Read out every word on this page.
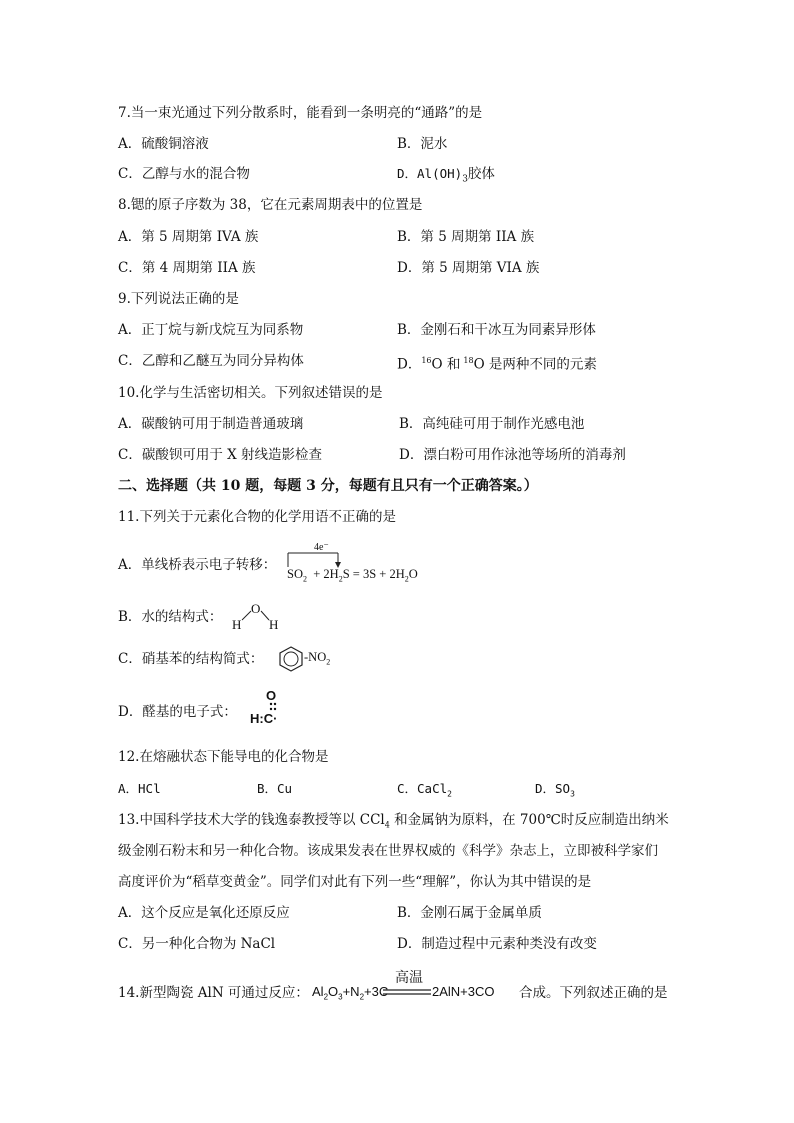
7.当一束光通过下列分散系时，能看到一条明亮的“通路”的是
A．硫酸铜溶液	B．泥水
C．乙醇与水的混合物	D．$Al(OH)_3$胶体
8.锶的原子序数为 38，它在元素周期表中的位置是
A．第 5 周期第 IVA 族	B．第 5 周期第 IIA 族
C．第 4 周期第 IIA 族	D．第 5 周期第 VIA 族
9.下列说法正确的是
A．正丁烷与新戊烷互为同系物	B．金刚石和干冰互为同素异形体
C．乙醇和乙醚互为同分异构体	D．$^{16}$O 和 $^{18}$O 是两种不同的元素
10.化学与生活密切相关。下列叙述错误的是
A．碳酸钠可用于制造普通玻璃	B．高纯硅可用于制作光感电池
C．碳酸钡可用于 X 射线造影检查	D．漂白粉可用作泳池等场所的消毒剂
二、选择题（共 10 题，每题 3 分，每题有且只有一个正确答案。）
11.下列关于元素化合物的化学用语不正确的是
A．单线桥表示电子转移：
4e⁻
$SO_2 + 2H_2S = 3S + 2H_2O$
B．水的结构式： H
O
H
C．硝基苯的结构简式：	$-NO_2$
D．醛基的电子式：
O
H:C·
12.在熔融状态下能导电的化合物是
A．HCl	B．Cu	C．CaCl$_2$	D．$SO_3$
13.中国科学技术大学的钱逸泰教授等以 CCl$_4$ 和金属钠为原料，在 700℃时反应制造出纳米
级金刚石粉末和另一种化合物。该成果发表在世界权威的《科学》杂志上，立即被科学家们
高度评价为“稻草变黄金”。同学们对此有下列一些“理解”，你认为其中错误的是
A．这个反应是氧化还原反应	B．金刚石属于金属单质
C．另一种化合物为 NaCl	D．制造过程中元素种类没有改变
14.新型陶瓷 AlN 可通过反应： $Al_2O_3+N_2+3C$
高温
2AlN+3CO 合成。下列叙述正确的是
